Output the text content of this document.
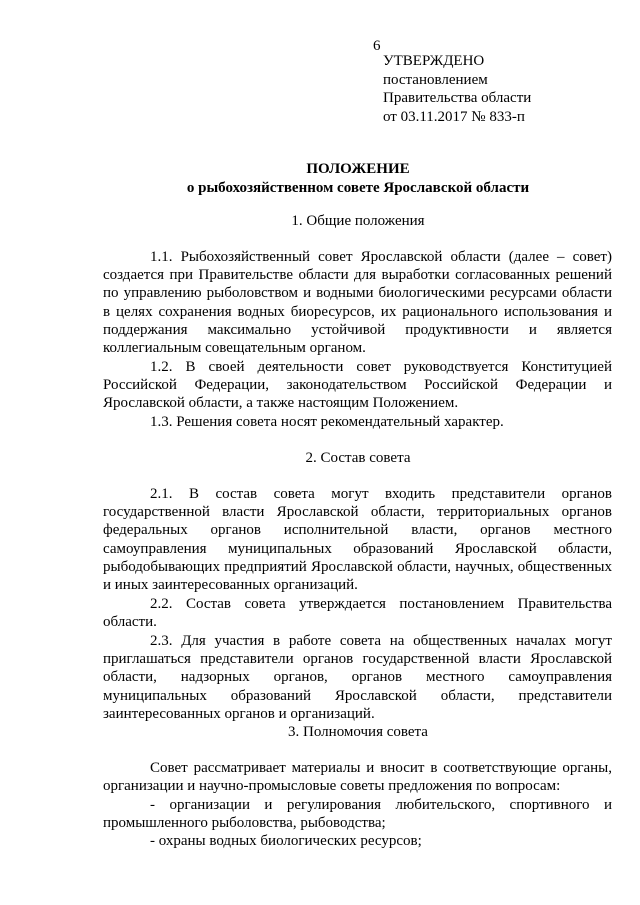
6
УТВЕРЖДЕНО
постановлением
Правительства области
от 03.11.2017 № 833-п
ПОЛОЖЕНИЕ
о рыбохозяйственном совете Ярославской области
1. Общие положения

1.1. Рыбохозяйственный совет Ярославской области (далее – совет) создается при Правительстве области для выработки согласованных решений по управлению рыболовством и водными биологическими ресурсами области в целях сохранения водных биоресурсов, их рационального использования и поддержания максимально устойчивой продуктивности и является коллегиальным совещательным органом.

1.2. В своей деятельности совет руководствуется Конституцией Российской Федерации, законодательством Российской Федерации и Ярославской области, а также настоящим Положением.

1.3. Решения совета носят рекомендательный характер.

2. Состав совета

2.1. В состав совета могут входить представители органов государственной власти Ярославской области, территориальных органов федеральных органов исполнительной власти, органов местного самоуправления муниципальных образований Ярославской области, рыбодобывающих предприятий Ярославской области, научных, общественных и иных заинтересованных организаций.

2.2. Состав совета утверждается постановлением Правительства области.

2.3. Для участия в работе совета на общественных началах могут приглашаться представители органов государственной власти Ярославской области, надзорных органов, органов местного самоуправления муниципальных образований Ярославской области, представители заинтересованных органов и организаций.

3. Полномочия совета

Совет рассматривает материалы и вносит в соответствующие органы, организации и научно-промысловые советы предложения по вопросам:

- организации и регулирования любительского, спортивного и промышленного рыболовства, рыбоводства;

- охраны водных биологических ресурсов;
